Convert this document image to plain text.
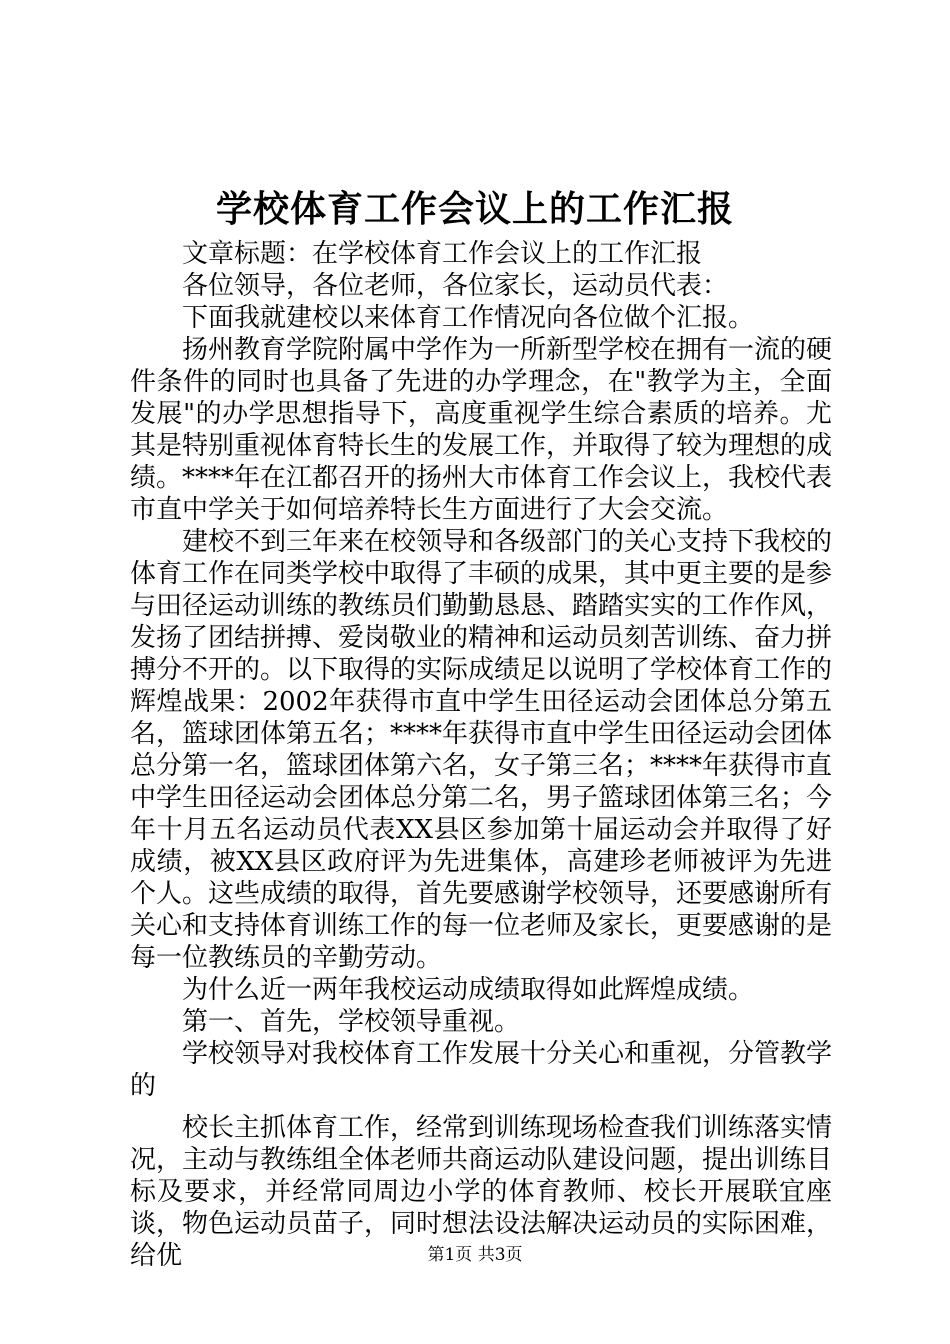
学校体育工作会议上的工作汇报

文章标题：在学校体育工作会议上的工作汇报

各位领导，各位老师，各位家长，运动员代表：

下面我就建校以来体育工作情况向各位做个汇报。

扬州教育学院附属中学作为一所新型学校在拥有一流的硬件条件的同时也具备了先进的办学理念，在"教学为主，全面发展"的办学思想指导下，高度重视学生综合素质的培养。尤其是特别重视体育特长生的发展工作，并取得了较为理想的成绩。****年在江都召开的扬州大市体育工作会议上，我校代表市直中学关于如何培养特长生方面进行了大会交流。

建校不到三年来在校领导和各级部门的关心支持下我校的体育工作在同类学校中取得了丰硕的成果，其中更主要的是参与田径运动训练的教练员们勤勤恳恳、踏踏实实的工作作风，发扬了团结拼搏、爱岗敬业的精神和运动员刻苦训练、奋力拼搏分不开的。以下取得的实际成绩足以说明了学校体育工作的辉煌战果：2002年获得市直中学生田径运动会团体总分第五名，篮球团体第五名；****年获得市直中学生田径运动会团体总分第一名，篮球团体第六名，女子第三名；****年获得市直中学生田径运动会团体总分第二名，男子篮球团体第三名；今年十月五名运动员代表XX县区参加第十届运动会并取得了好成绩，被XX县区政府评为先进集体，高建珍老师被评为先进个人。这些成绩的取得，首先要感谢学校领导，还要感谢所有关心和支持体育训练工作的每一位老师及家长，更要感谢的是每一位教练员的辛勤劳动。

为什么近一两年我校运动成绩取得如此辉煌成绩。

第一、首先，学校领导重视。

学校领导对我校体育工作发展十分关心和重视，分管教学的

校长主抓体育工作，经常到训练现场检查我们训练落实情况，主动与教练组全体老师共商运动队建设问题，提出训练目标及要求，并经常同周边小学的体育教师、校长开展联宜座谈，物色运动员苗子，同时想法设法解决运动员的实际困难，给优	第1页 共3页
